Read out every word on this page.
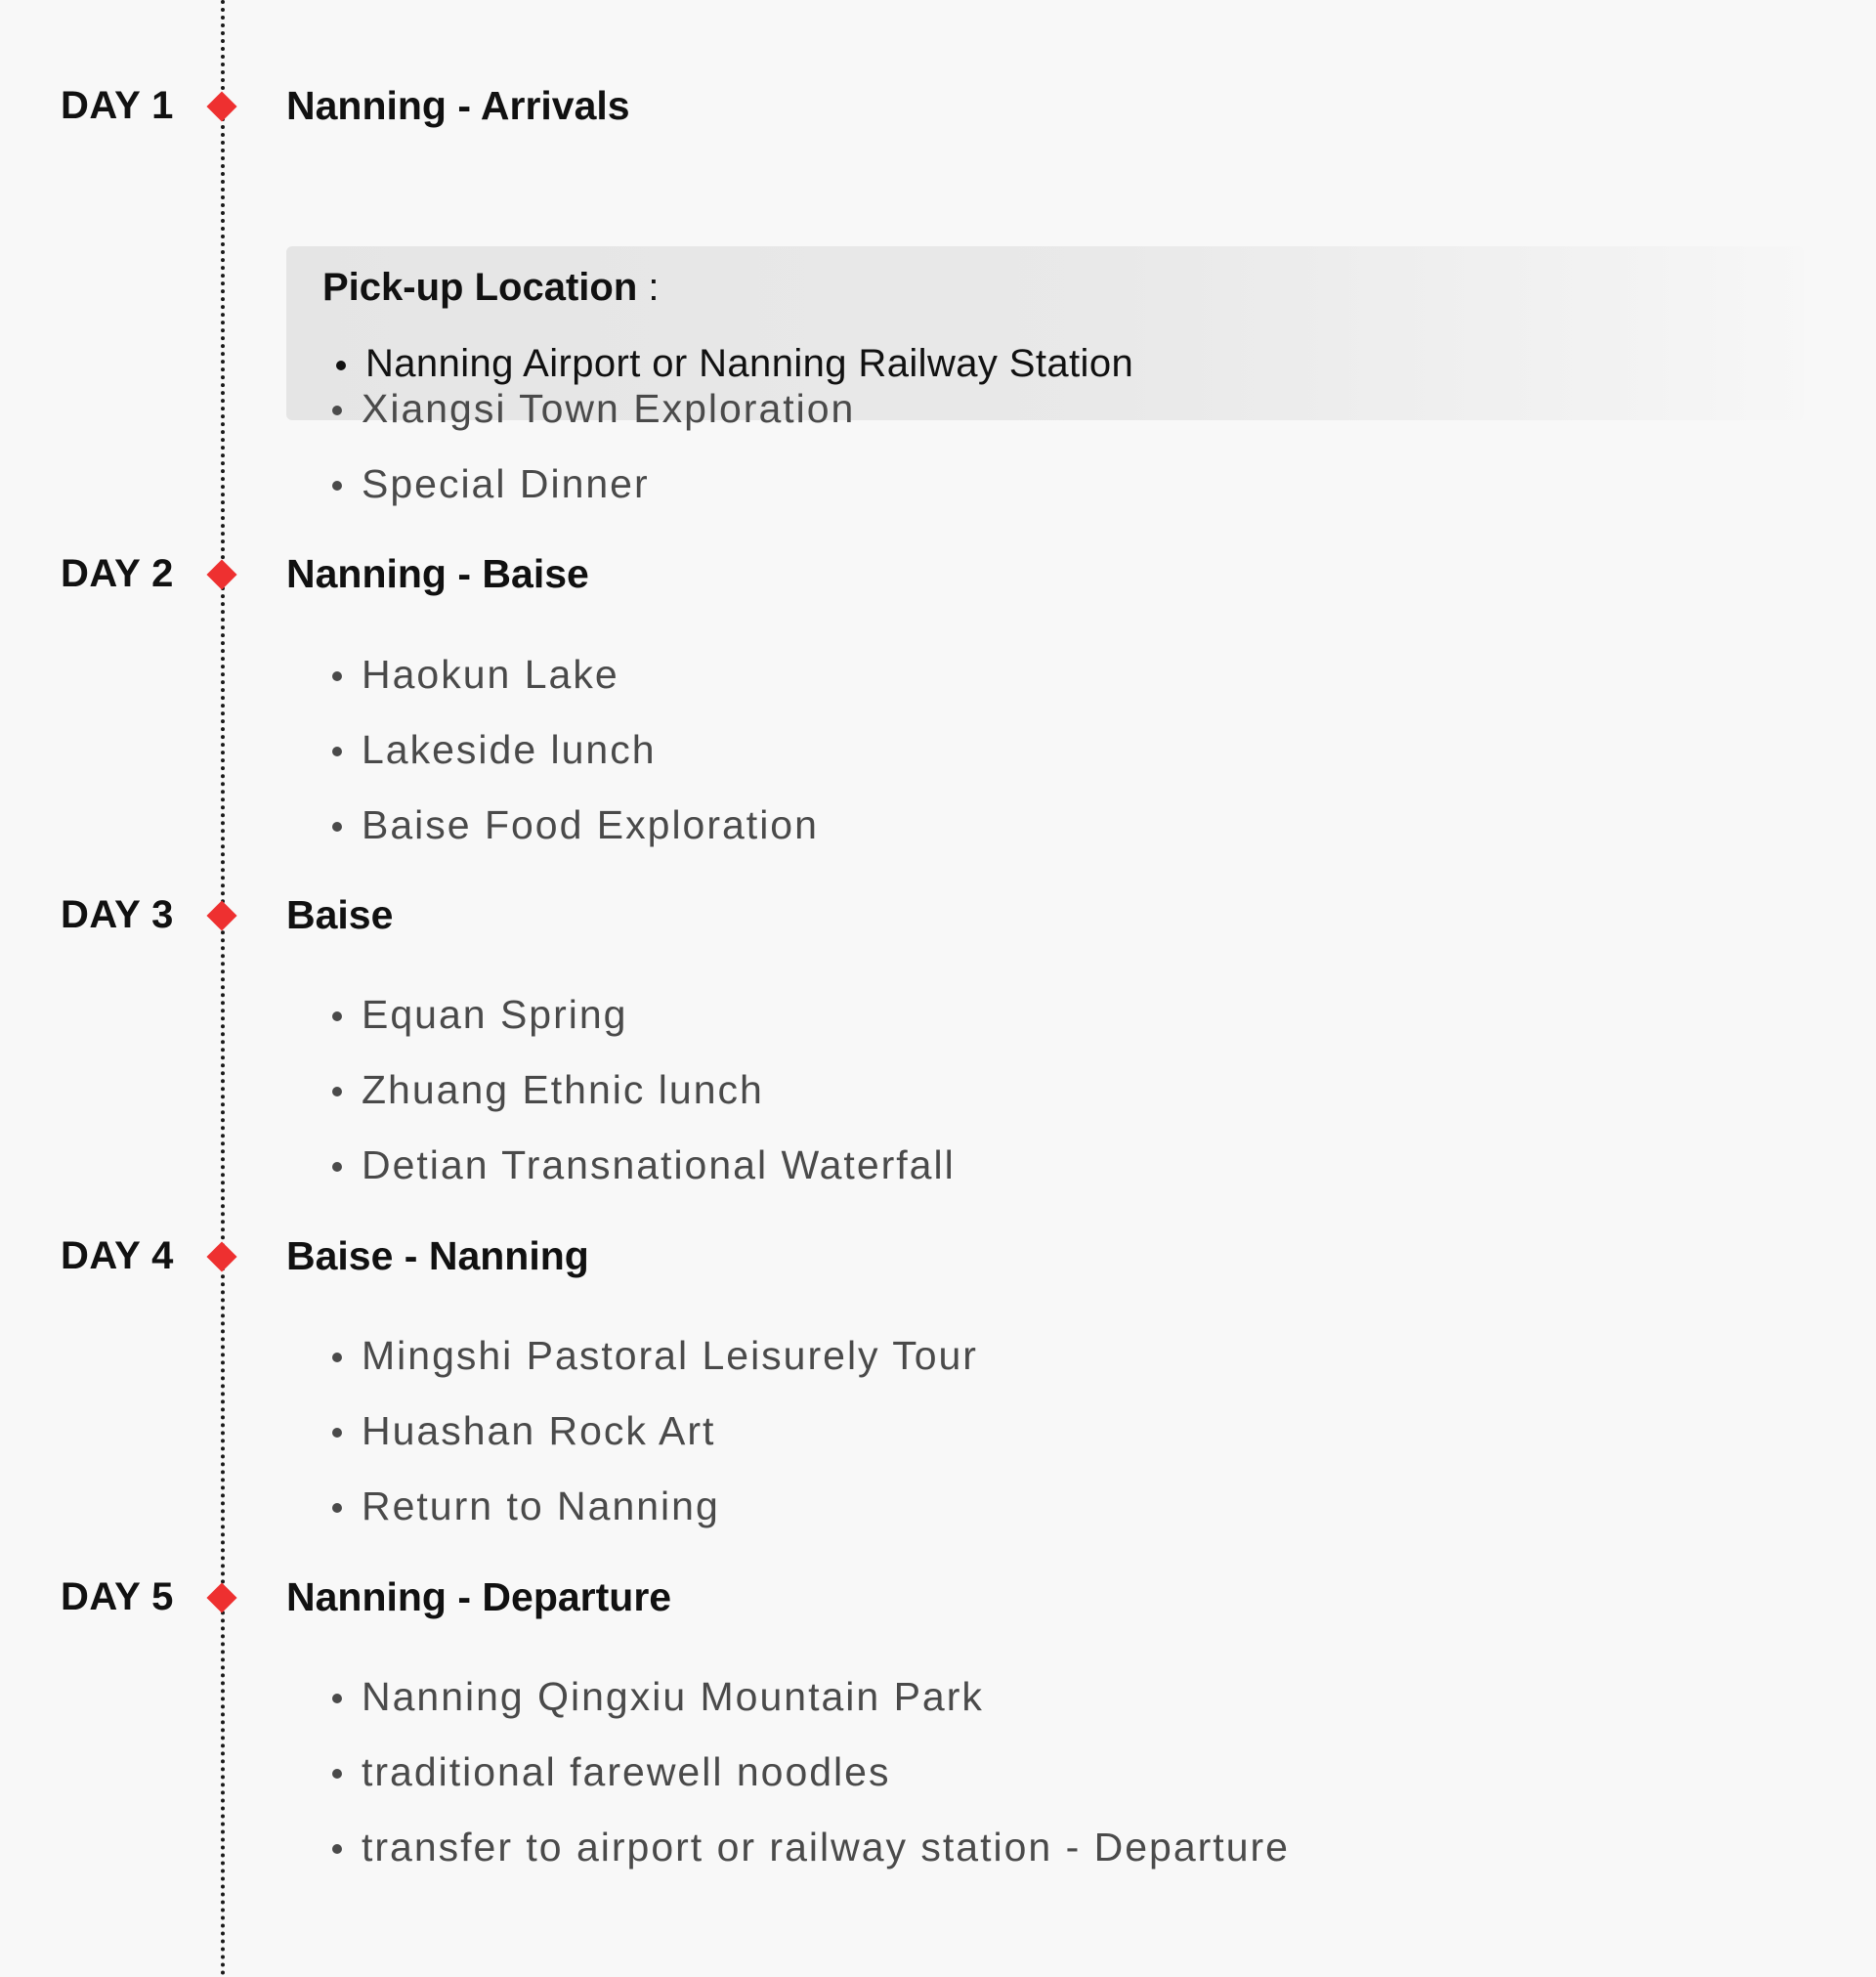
DAY 1	Nanning - Arrivals
Pick-up Location :
Nanning Airport or Nanning Railway Station
Xiangsi Town Exploration
Special Dinner
DAY 2	Nanning - Baise
Haokun Lake
Lakeside lunch
Baise Food Exploration
DAY 3	Baise
Equan Spring
Zhuang Ethnic lunch
Detian Transnational Waterfall
DAY 4	Baise - Nanning
Mingshi Pastoral Leisurely Tour
Huashan Rock Art
Return to Nanning
DAY 5	Nanning - Departure
Nanning Qingxiu Mountain Park
traditional farewell noodles
transfer to airport or railway station - Departure
